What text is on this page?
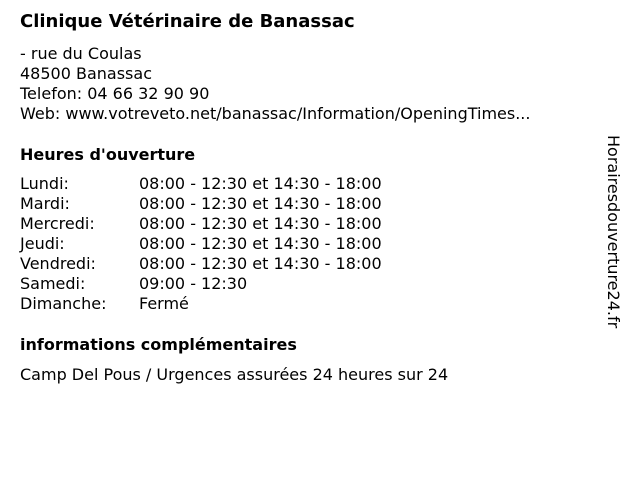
Clinique Vétérinaire de Banassac
- rue du Coulas
48500 Banassac
Telefon: 04 66 32 90 90
Web: www.votreveto.net/banassac/Information/OpeningTimes...
Heures d'ouverture
Lundi:	08:00 - 12:30 et 14:30 - 18:00
Mardi:	08:00 - 12:30 et 14:30 - 18:00
Mercredi:	08:00 - 12:30 et 14:30 - 18:00
Jeudi:	08:00 - 12:30 et 14:30 - 18:00
Vendredi:	08:00 - 12:30 et 14:30 - 18:00
Samedi:	09:00 - 12:30
Dimanche: Fermé
informations complémentaires
Camp Del Pous / Urgences assurées 24 heures sur 24
Horairesdouverture24.fr
